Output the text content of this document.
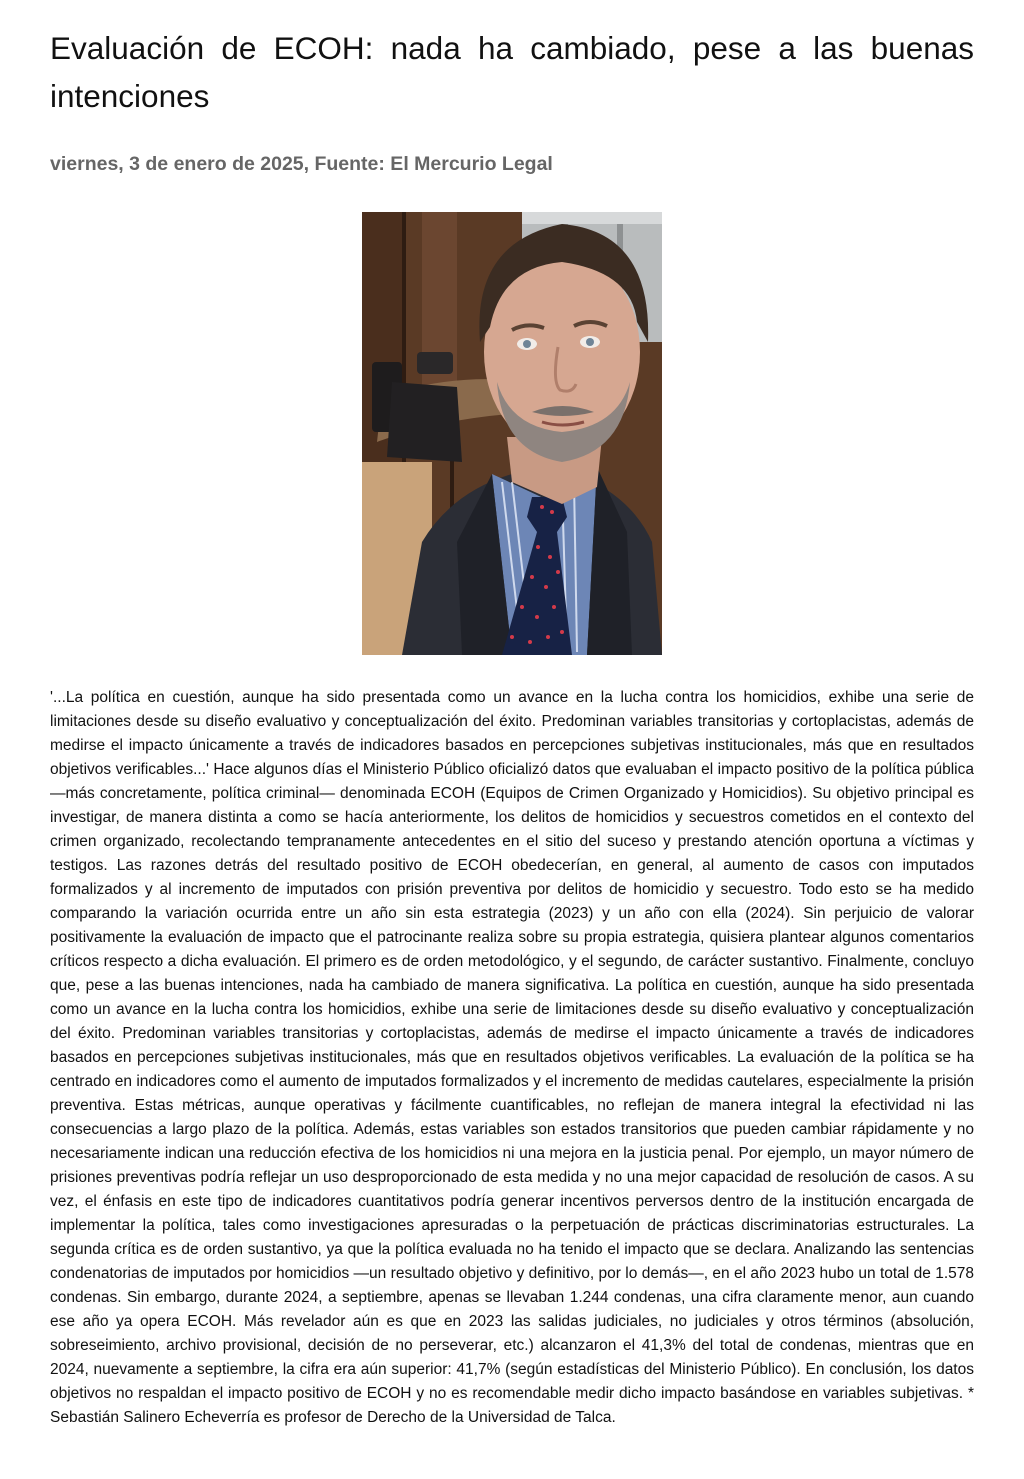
Evaluación de ECOH: nada ha cambiado, pese a las buenas intenciones

viernes, 3 de enero de 2025, Fuente: El Mercurio Legal

'...La política en cuestión, aunque ha sido presentada como un avance en la lucha contra los homicidios, exhibe una serie de limitaciones desde su diseño evaluativo y conceptualización del éxito. Predominan variables transitorias y cortoplacistas, además de medirse el impacto únicamente a través de indicadores basados en percepciones subjetivas institucionales, más que en resultados objetivos verificables...' Hace algunos días el Ministerio Público oficializó datos que evaluaban el impacto positivo de la política pública —más concretamente, política criminal— denominada ECOH (Equipos de Crimen Organizado y Homicidios). Su objetivo principal es investigar, de manera distinta a como se hacía anteriormente, los delitos de homicidios y secuestros cometidos en el contexto del crimen organizado, recolectando tempranamente antecedentes en el sitio del suceso y prestando atención oportuna a víctimas y testigos. Las razones detrás del resultado positivo de ECOH obedecerían, en general, al aumento de casos con imputados formalizados y al incremento de imputados con prisión preventiva por delitos de homicidio y secuestro. Todo esto se ha medido comparando la variación ocurrida entre un año sin esta estrategia (2023) y un año con ella (2024). Sin perjuicio de valorar positivamente la evaluación de impacto que el patrocinante realiza sobre su propia estrategia, quisiera plantear algunos comentarios críticos respecto a dicha evaluación. El primero es de orden metodológico, y el segundo, de carácter sustantivo. Finalmente, concluyo que, pese a las buenas intenciones, nada ha cambiado de manera significativa. La política en cuestión, aunque ha sido presentada como un avance en la lucha contra los homicidios, exhibe una serie de limitaciones desde su diseño evaluativo y conceptualización del éxito. Predominan variables transitorias y cortoplacistas, además de medirse el impacto únicamente a través de indicadores basados en percepciones subjetivas institucionales, más que en resultados objetivos verificables. La evaluación de la política se ha centrado en indicadores como el aumento de imputados formalizados y el incremento de medidas cautelares, especialmente la prisión preventiva. Estas métricas, aunque operativas y fácilmente cuantificables, no reflejan de manera integral la efectividad ni las consecuencias a largo plazo de la política. Además, estas variables son estados transitorios que pueden cambiar rápidamente y no necesariamente indican una reducción efectiva de los homicidios ni una mejora en la justicia penal. Por ejemplo, un mayor número de prisiones preventivas podría reflejar un uso desproporcionado de esta medida y no una mejor capacidad de resolución de casos. A su vez, el énfasis en este tipo de indicadores cuantitativos podría generar incentivos perversos dentro de la institución encargada de implementar la política, tales como investigaciones apresuradas o la perpetuación de prácticas discriminatorias estructurales. La segunda crítica es de orden sustantivo, ya que la política evaluada no ha tenido el impacto que se declara. Analizando las sentencias condenatorias de imputados por homicidios —un resultado objetivo y definitivo, por lo demás—, en el año 2023 hubo un total de 1.578 condenas. Sin embargo, durante 2024, a septiembre, apenas se llevaban 1.244 condenas, una cifra claramente menor, aun cuando ese año ya opera ECOH. Más revelador aún es que en 2023 las salidas judiciales, no judiciales y otros términos (absolución, sobreseimiento, archivo provisional, decisión de no perseverar, etc.) alcanzaron el 41,3% del total de condenas, mientras que en 2024, nuevamente a septiembre, la cifra era aún superior: 41,7% (según estadísticas del Ministerio Público). En conclusión, los datos objetivos no respaldan el impacto positivo de ECOH y no es recomendable medir dicho impacto basándose en variables subjetivas. * Sebastián Salinero Echeverría es profesor de Derecho de la Universidad de Talca.
